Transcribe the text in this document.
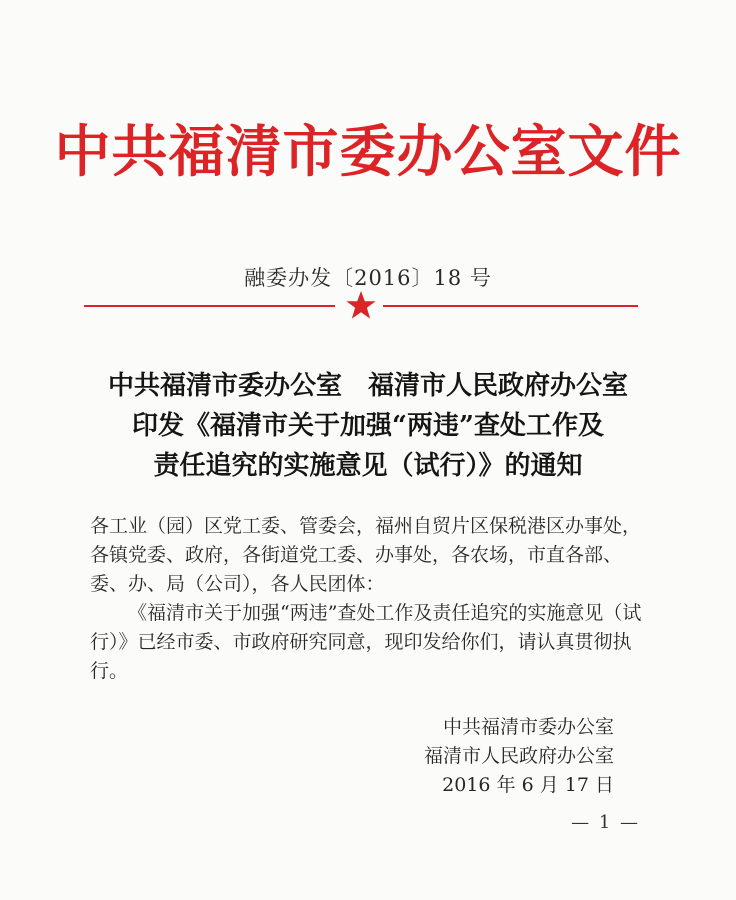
中共福清市委办公室文件
融委办发〔2016〕18 号
中共福清市委办公室　福清市人民政府办公室
印发《福清市关于加强“两违”查处工作及
责任追究的实施意见（试行）》的通知

各工业（园）区党工委、管委会，福州自贸片区保税港区办事处，各镇党委、政府，各街道党工委、办事处，各农场，市直各部、委、办、局（公司），各人民团体：

《福清市关于加强“两违”查处工作及责任追究的实施意见（试行）》已经市委、市政府研究同意，现印发给你们，请认真贯彻执行。

中共福清市委办公室
福清市人民政府办公室
2016 年 6 月 17 日
— 1 —
